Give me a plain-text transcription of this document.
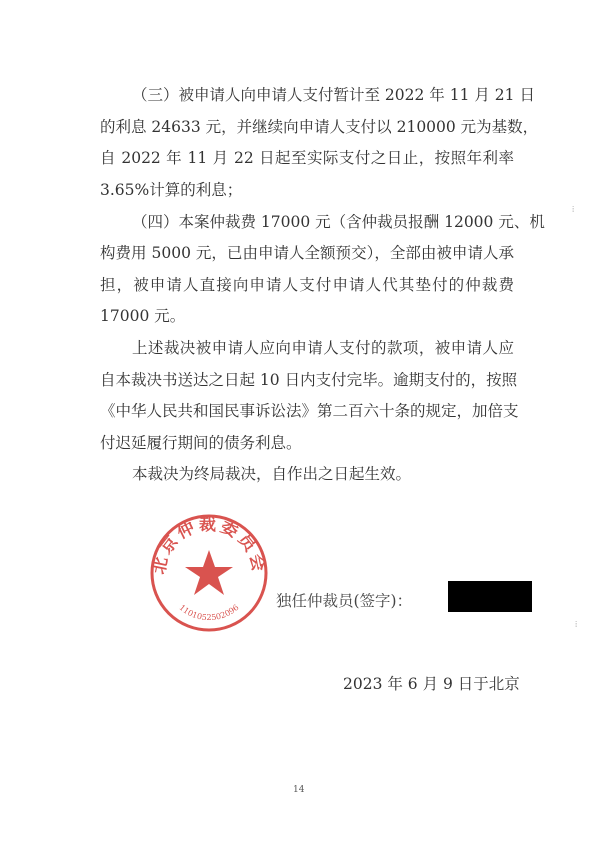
（三）被申请人向申请人支付暂计至 2022 年 11 月 21 日
的利息 24633 元，并继续向申请人支付以 210000 元为基数，
自 2022 年 11 月 22 日起至实际支付之日止，按照年利率
3.65%计算的利息；
（四）本案仲裁费 17000 元（含仲裁员报酬 12000 元、机
构费用 5000 元，已由申请人全额预交），全部由被申请人承
担，被申请人直接向申请人支付申请人代其垫付的仲裁费
17000 元。
上述裁决被申请人应向申请人支付的款项，被申请人应
自本裁决书送达之日起 10 日内支付完毕。逾期支付的，按照
《中华人民共和国民事诉讼法》第二百六十条的规定，加倍支
付迟延履行期间的债务利息。
本裁决为终局裁决，自作出之日起生效。
北京仲裁委员会
1101052502096 独任仲裁员(签字)：
2023 年 6 月 9 日于北京
14
⁞
⁞
